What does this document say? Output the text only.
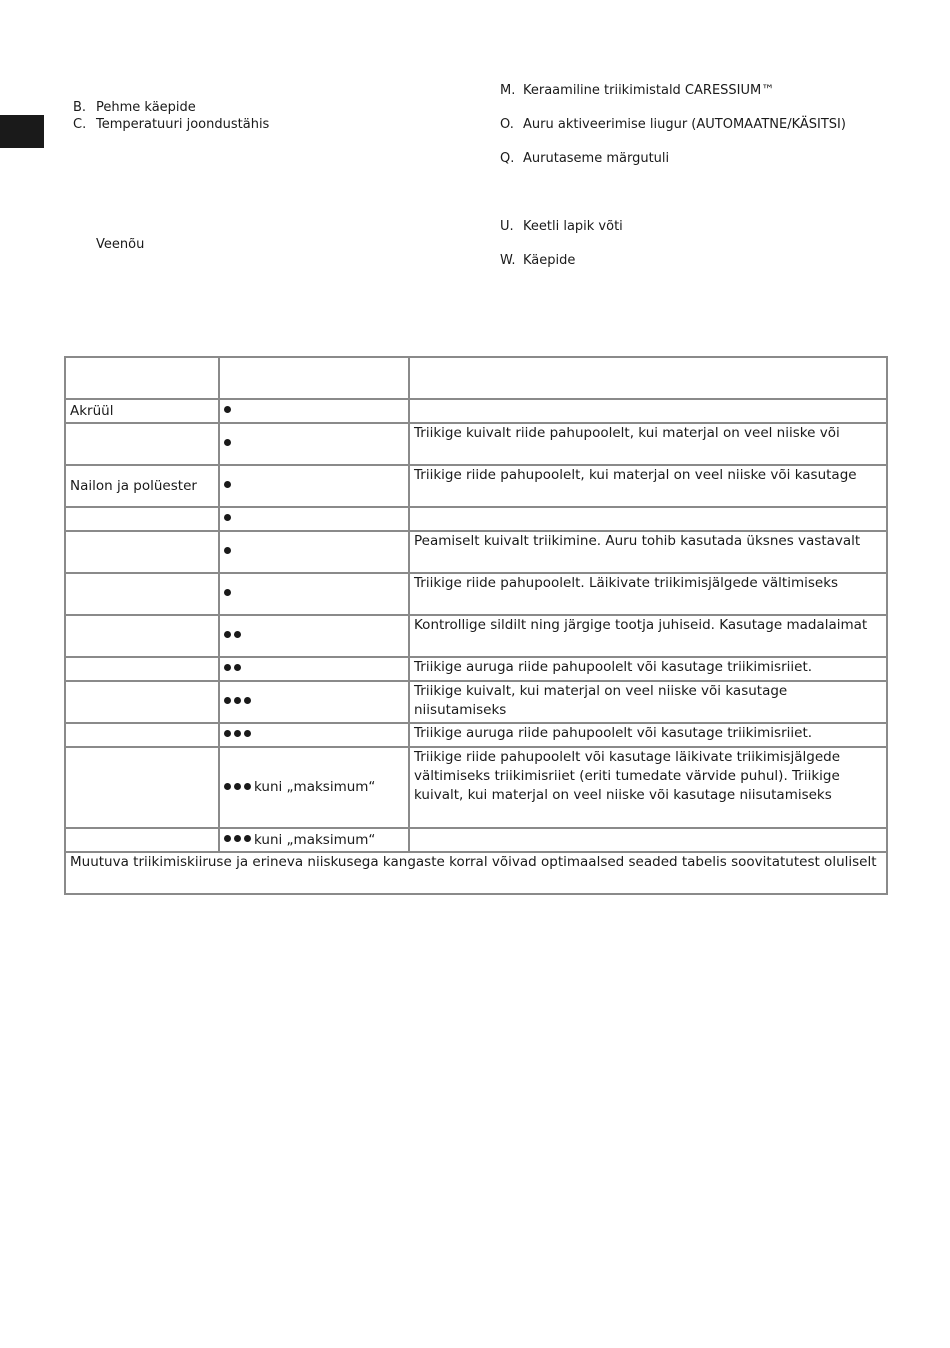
B. Pehme käepide
C. Temperatuuri joondustähis
Veenõu
M. Keraamiline triikimistald CARESSIUM™
O. Auru aktiveerimise liugur (AUTOMAATNE/KÄSITSI)
Q. Aurutaseme märgutuli
U. Keetli lapik võti
W. Käepide

Akrüül		
		Triikige kuivalt riide pahupoolelt, kui materjal on veel niiske või
Nailon ja polüester		Triikige riide pahupoolelt, kui materjal on veel niiske või kasutage

		Peamiselt kuivalt triikimine. Auru tohib kasutada üksnes vastavalt
		Triikige riide pahupoolelt. Läikivate triikimisjälgede vältimiseks
		Kontrollige sildilt ning järgige tootja juhiseid. Kasutage madalaimat
		Triikige auruga riide pahupoolelt või kasutage triikimisriiet.
		Triikige kuivalt, kui materjal on veel niiske või kasutage niisutamiseks
		Triikige auruga riide pahupoolelt või kasutage triikimisriiet.
	kuni „maksimum“	Triikige riide pahupoolelt või kasutage läikivate triikimisjälgede vältimiseks triikimisriiet (eriti tumedate värvide puhul). Triikige kuivalt, kui materjal on veel niiske või kasutage niisutamiseks
	kuni „maksimum“	
Muutuva triikimiskiiruse ja erineva niiskusega kangaste korral võivad optimaalsed seaded tabelis soovitatutest oluliselt		
